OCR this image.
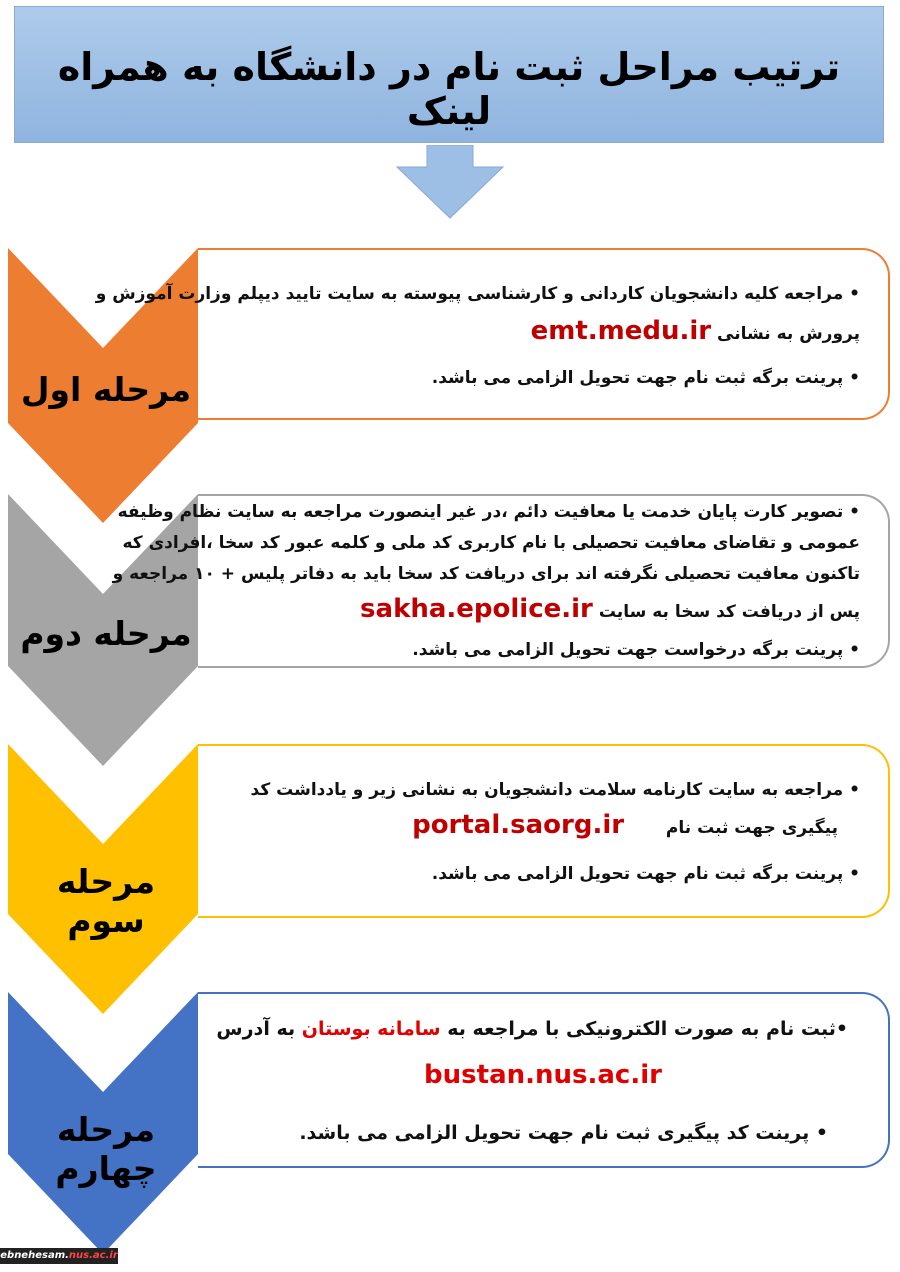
ترتیب مراحل ثبت نام در دانشگاه به همراه لینک
مرحله اول
• مراجعه کلیه دانشجویان کاردانی و کارشناسی پیوسته به سایت تایید دیپلم وزارت آموزش و
پرورش به نشانی emt.medu.ir
• پرینت برگه ثبت نام جهت تحویل الزامی می باشد.
مرحله دوم
• تصویر کارت پایان خدمت یا معافیت دائم ،در غیر اینصورت مراجعه به سایت نظام وظیفه
عمومی و تقاضای معافیت تحصیلی با نام کاربری کد ملی و کلمه عبور کد سخا ،افرادی که
تاکنون معافیت تحصیلی نگرفته اند برای دریافت کد سخا باید به دفاتر پلیس + ۱۰ مراجعه و
پس از دریافت کد سخا به سایت sakha.epolice.ir
• پرینت برگه درخواست جهت تحویل الزامی می باشد.
مرحله سوم
• مراجعه به سایت کارنامه سلامت دانشجویان به نشانی زیر و یادداشت کد
پیگیری جهت ثبت نام  portal.saorg.ir
• پرینت برگه ثبت نام جهت تحویل الزامی می باشد.
مرحله چهارم
•ثبت نام به صورت الکترونیکی با مراجعه به سامانه بوستان به آدرس
bustan.nus.ac.ir
• پرینت کد پیگیری ثبت نام جهت تحویل الزامی می باشد.
ebnehesam.nus.ac.ir
